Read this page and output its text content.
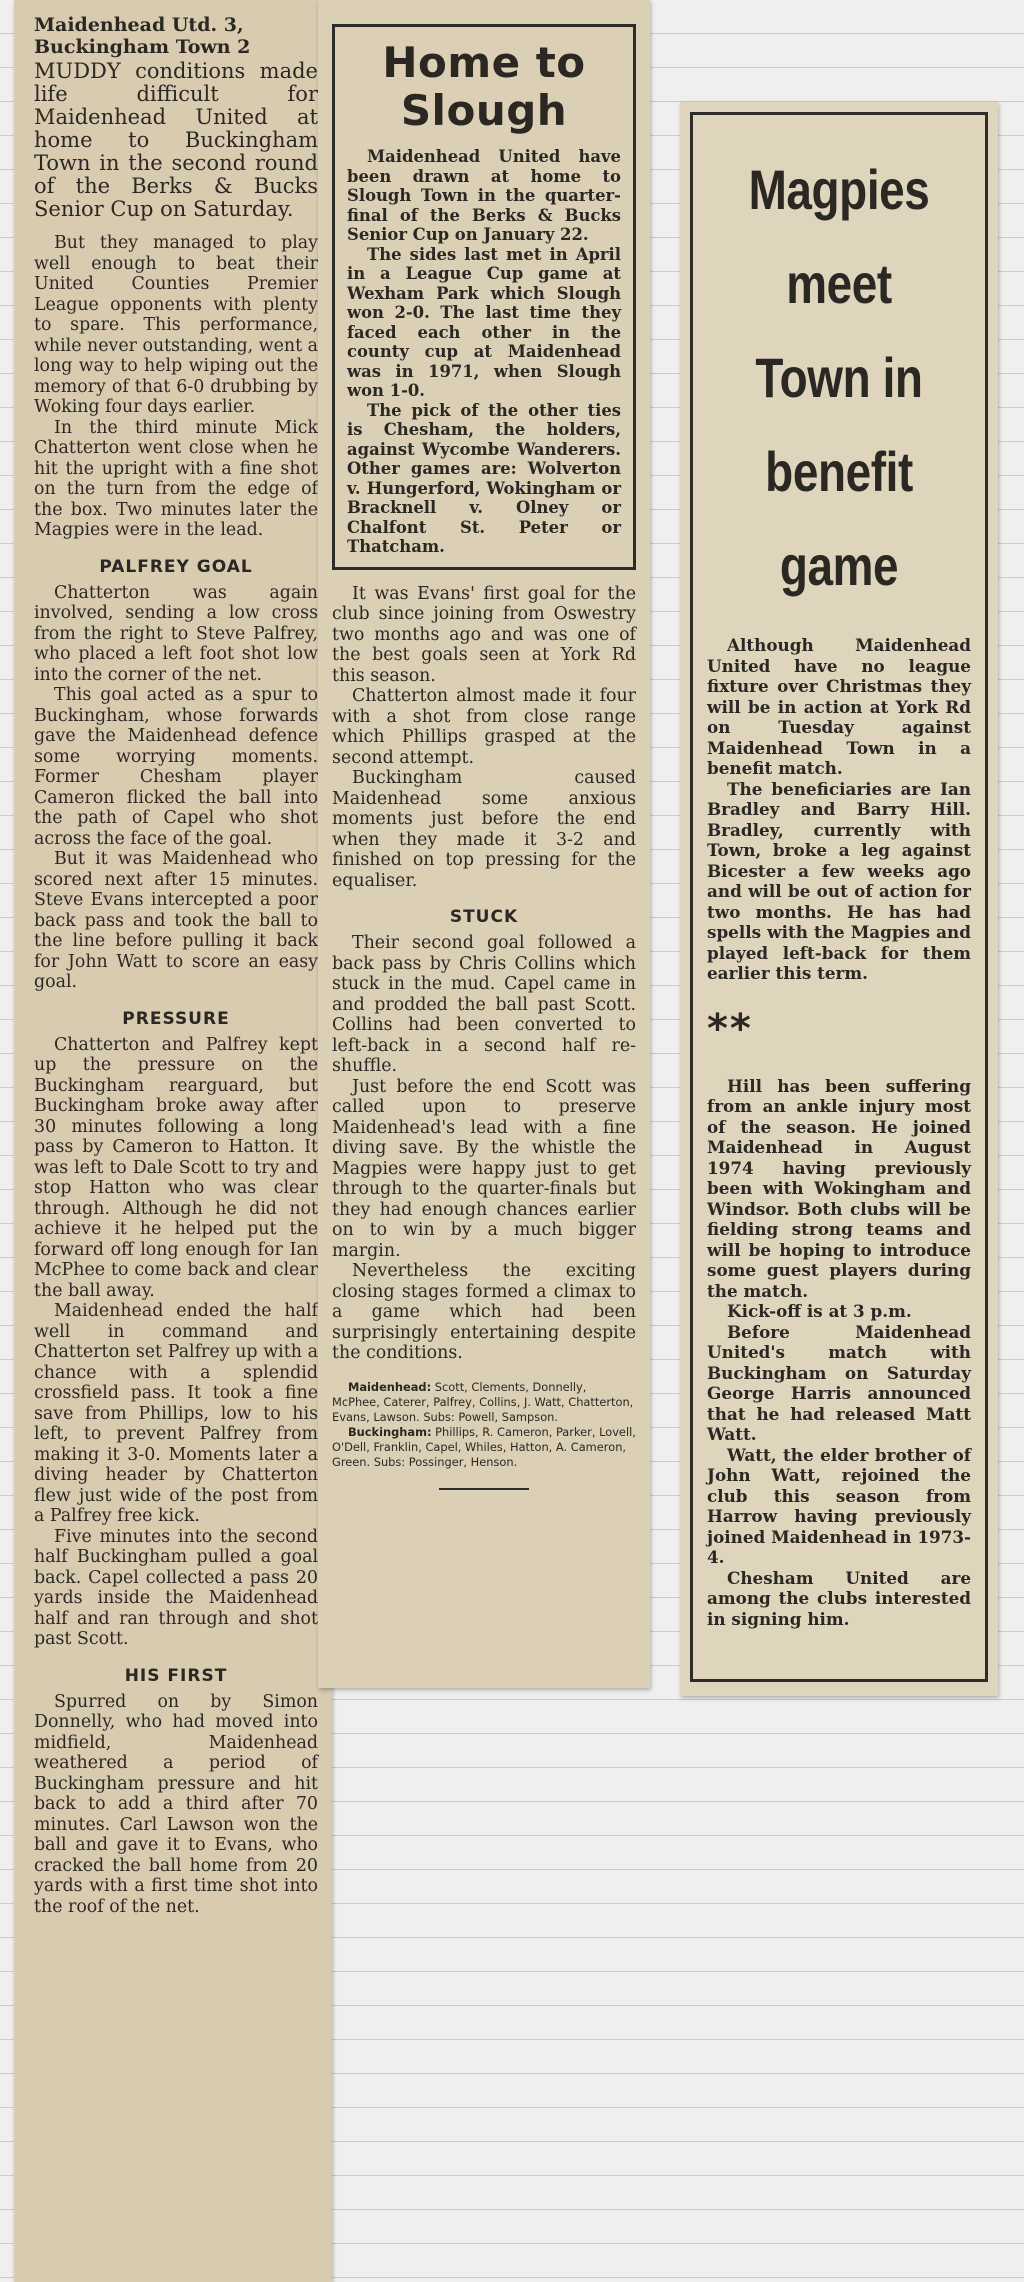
Maidenhead Utd. 3, Buckingham Town 2

MUDDY conditions made life difficult for Maidenhead United at home to Buckingham Town in the second round of the Berks & Bucks Senior Cup on Saturday.

But they managed to play well enough to beat their United Counties Premier League opponents with plenty to spare. This performance, while never outstanding, went a long way to help wiping out the memory of that 6-0 drubbing by Woking four days earlier.

In the third minute Mick Chatterton went close when he hit the upright with a fine shot on the turn from the edge of the box. Two minutes later the Magpies were in the lead.

PALFREY GOAL

Chatterton was again involved, sending a low cross from the right to Steve Palfrey, who placed a left foot shot low into the corner of the net.

This goal acted as a spur to Buckingham, whose forwards gave the Maidenhead defence some worrying moments. Former Chesham player Cameron flicked the ball into the path of Capel who shot across the face of the goal.

But it was Maidenhead who scored next after 15 minutes. Steve Evans intercepted a poor back pass and took the ball to the line before pulling it back for John Watt to score an easy goal.

PRESSURE

Chatterton and Palfrey kept up the pressure on the Buckingham rearguard, but Buckingham broke away after 30 minutes following a long pass by Cameron to Hatton. It was left to Dale Scott to try and stop Hatton who was clear through. Although he did not achieve it he helped put the forward off long enough for Ian McPhee to come back and clear the ball away.

Maidenhead ended the half well in command and Chatterton set Palfrey up with a chance with a splendid crossfield pass. It took a fine save from Phillips, low to his left, to prevent Palfrey from making it 3-0. Moments later a diving header by Chatterton flew just wide of the post from a Palfrey free kick.

Five minutes into the second half Buckingham pulled a goal back. Capel collected a pass 20 yards inside the Maidenhead half and ran through and shot past Scott.

HIS FIRST

Spurred on by Simon Donnelly, who had moved into midfield, Maidenhead weathered a period of Buckingham pressure and hit back to add a third after 70 minutes. Carl Lawson won the ball and gave it to Evans, who cracked the ball home from 20 yards with a first time shot into the roof of the net.

Home to Slough

Maidenhead United have been drawn at home to Slough Town in the quarter-final of the Berks & Bucks Senior Cup on January 22.

The sides last met in April in a League Cup game at Wexham Park which Slough won 2-0. The last time they faced each other in the county cup at Maidenhead was in 1971, when Slough won 1-0.

The pick of the other ties is Chesham, the holders, against Wycombe Wanderers. Other games are: Wolverton v. Hungerford, Wokingham or Bracknell v. Olney or Chalfont St. Peter or Thatcham.

It was Evans' first goal for the club since joining from Oswestry two months ago and was one of the best goals seen at York Rd this season.

Chatterton almost made it four with a shot from close range which Phillips grasped at the second attempt.

Buckingham caused Maidenhead some anxious moments just before the end when they made it 3-2 and finished on top pressing for the equaliser.

STUCK

Their second goal followed a back pass by Chris Collins which stuck in the mud. Capel came in and prodded the ball past Scott. Collins had been converted to left-back in a second half re-shuffle.

Just before the end Scott was called upon to preserve Maidenhead's lead with a fine diving save. By the whistle the Magpies were happy just to get through to the quarter-finals but they had enough chances earlier on to win by a much bigger margin.

Nevertheless the exciting closing stages formed a climax to a game which had been surprisingly entertaining despite the conditions.

Maidenhead: Scott, Clements, Donnelly, McPhee, Caterer, Palfrey, Collins, J. Watt, Chatterton, Evans, Lawson. Subs: Powell, Sampson.
Buckingham: Phillips, R. Cameron, Parker, Lovell, O'Dell, Franklin, Capel, Whiles, Hatton, A. Cameron, Green. Subs: Possinger, Henson.
Magpies
meet
Town in
benefit
game

Although Maidenhead United have no league fixture over Christmas they will be in action at York Rd on Tuesday against Maidenhead Town in a benefit match.

The beneficiaries are Ian Bradley and Barry Hill. Bradley, currently with Town, broke a leg against Bicester a few weeks ago and will be out of action for two months. He has had spells with the Magpies and played left-back for them earlier this term.

**

Hill has been suffering from an ankle injury most of the season. He joined Maidenhead in August 1974 having previously been with Wokingham and Windsor. Both clubs will be fielding strong teams and will be hoping to introduce some guest players during the match.

Kick-off is at 3 p.m.

Before Maidenhead United's match with Buckingham on Saturday George Harris announced that he had released Matt Watt.

Watt, the elder brother of John Watt, rejoined the club this season from Harrow having previously joined Maidenhead in 1973-4.

Chesham United are among the clubs interested in signing him.
